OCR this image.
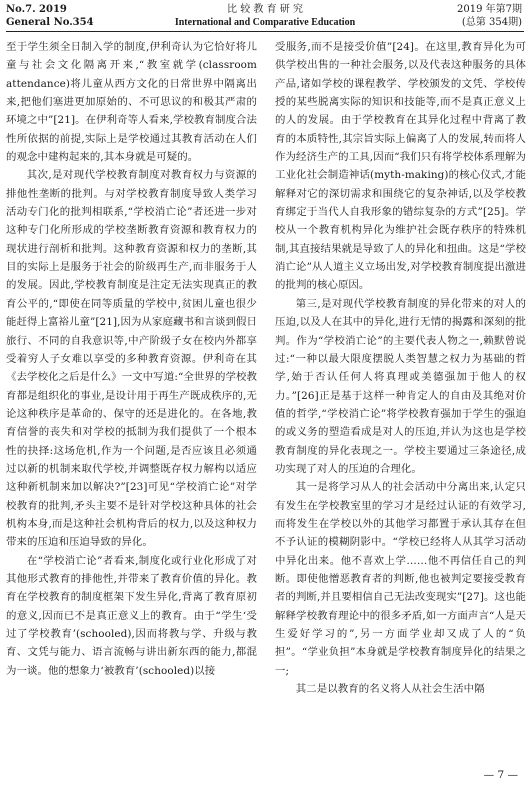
No.7. 2019
General No.354
比 较 教 育 研 究
International and Comparative Education
2019 年第7期
(总第 354期)

至于学生须全日制入学的制度,伊利奇认为它恰好将儿童与社会文化隔离开来,“教室就学(classroom attendance)将儿童从西方文化的日常世界中隔离出来,把他们塞进更加原始的、不可思议的和极其严肃的环境之中”[21]。在伊利奇等人看来,学校教育制度合法性所依据的前提,实际上是学校通过其教育活动在人们的观念中建构起来的,其本身就是可疑的。

其次,是对现代学校教育制度对教育权力与资源的排他性垄断的批判。与对学校教育制度导致人类学习活动专门化的批判相联系,“学校消亡论”者还进一步对这种专门化所形成的学校垄断教育资源和教育权力的现状进行剖析和批判。这种教育资源和权力的垄断,其目的实际上是服务于社会的阶级再生产,而非服务于人的发展。因此,学校教育制度是注定无法实现真正的教育公平的,“即使在同等质量的学校中,贫困儿童也很少能赶得上富裕儿童”[21],因为从家庭藏书和言谈到假日旅行、不同的自我意识等,中产阶级子女在校内外都享受着穷人子女难以享受的多种教育资源。伊利奇在其《去学校化之后是什么》一文中写道:“全世界的学校教育都是组织化的事业,是设计用于再生产既成秩序的,无论这种秩序是革命的、保守的还是进化的。在各地,教育信誉的丧失和对学校的抵制为我们提供了一个根本性的抉择:这场危机,作为一个问题,是否应该且必须通过以新的机制来取代学校,并调整既存权力解构以适应这种新机制来加以解决?”[23]可见“学校消亡论”对学校教育的批判,矛头主要不是针对学校这种具体的社会机构本身,而是这种社会机构背后的权力,以及这种权力带来的压迫和压迫导致的异化。

在“学校消亡论”者看来,制度化或行业化形成了对其他形式教育的排他性,并带来了教育价值的异化。教育在学校教育的制度框架下发生异化,背离了教育原初的意义,因而已不是真正意义上的教育。由于“学生‘受过了学校教育’(schooled),因而将教与学、升级与教育、文凭与能力、语言流畅与讲出新东西的能力,都混为一谈。他的想象力‘被教育’(schooled)以接

受服务,而不是接受价值”[24]。在这里,教育异化为可供学校出售的一种社会服务,以及代表这种服务的具体产品,诸如学校的课程教学、学校颁发的文凭、学校传授的某些脱离实际的知识和技能等,而不是真正意义上的人的发展。由于学校教育在其异化过程中背离了教育的本质特性,其宗旨实际上偏离了人的发展,转而将人作为经济生产的工具,因而“我们只有将学校体系理解为工业化社会制造神话(myth-making)的核心仪式,才能解释对它的深切需求和围绕它的复杂神话,以及学校教育绑定于当代人自我形象的错综复杂的方式”[25]。学校从一个教育机构异化为维护社会既存秩序的特殊机制,其直接结果就是导致了人的异化和扭曲。这是“学校消亡论”从人道主义立场出发,对学校教育制度提出激进的批判的核心原因。

第三,是对现代学校教育制度的异化带来的对人的压迫,以及人在其中的异化,进行无情的揭露和深刻的批判。作为“学校消亡论”的主要代表人物之一,赖默曾说过:“一种以最大限度摆脱人类智慧之权力为基础的哲学,始于否认任何人将真理或美德强加于他人的权力。”[26]正是基于这样一种肯定人的自由及其绝对价值的哲学,“学校消亡论”将学校教育强加于学生的强迫的或义务的塑造看成是对人的压迫,并认为这也是学校教育制度的异化表现之一。学校主要通过三条途径,成功实现了对人的压迫的合理化。

其一是将学习从人的社会活动中分离出来,认定只有发生在学校教室里的学习才是经过认证的有效学习,而将发生在学校以外的其他学习都置于承认其存在但不予认证的模糊阴影中。“学校已经将人从其学习活动中异化出来。他不喜欢上学……他不再信任自己的判断。即使他憎恶教育者的判断,他也被判定要接受教育者的判断,并且要相信自己无法改变现实”[27]。这也能解释学校教育理论中的很多矛盾,如一方面声言“人是天生爱好学习的”,另一方面学业却又成了人的“负担”。“学业负担”本身就是学校教育制度异化的结果之一;

其二是以教育的名义将人从社会生活中隔

— 7 —
